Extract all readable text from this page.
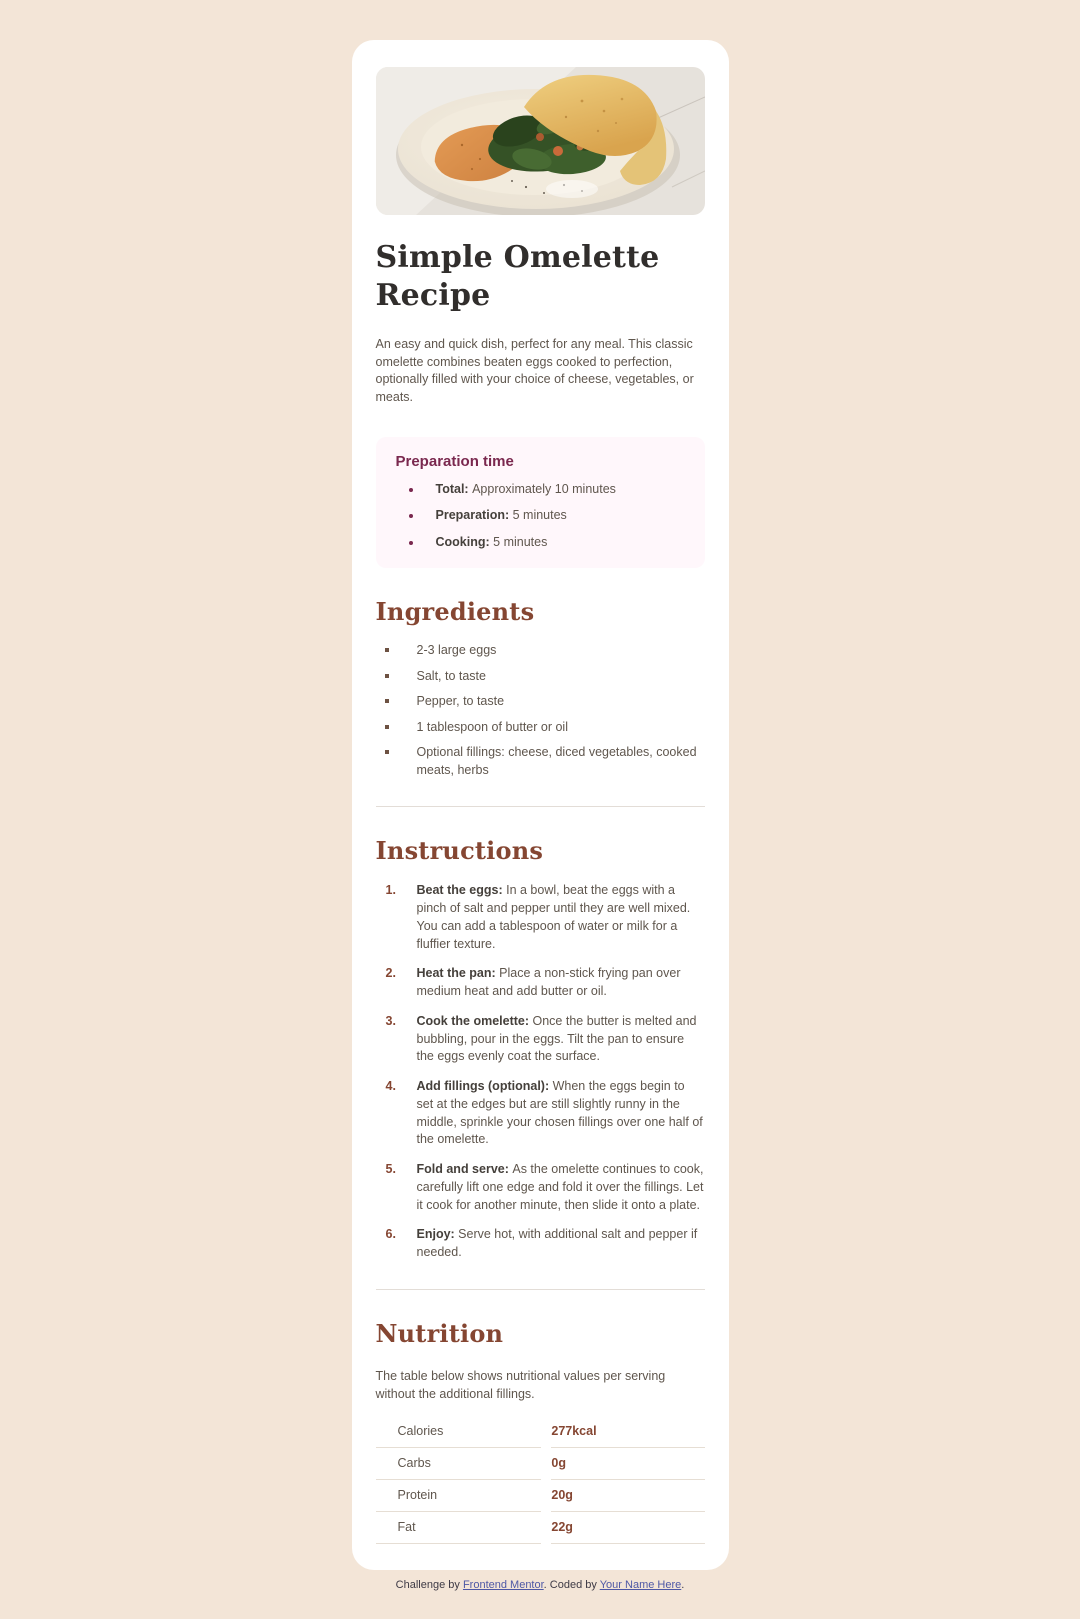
Simple Omelette Recipe

An easy and quick dish, perfect for any meal. This classic omelette combines beaten eggs cooked to perfection, optionally filled with your choice of cheese, vegetables, or meats.

Preparation time
Total: Approximately 10 minutes
Preparation: 5 minutes
Cooking: 5 minutes
Ingredients
2-3 large eggs
Salt, to taste
Pepper, to taste
1 tablespoon of butter or oil
Optional fillings: cheese, diced vegetables, cooked meats, herbs
Instructions
1. Beat the eggs: In a bowl, beat the eggs with a pinch of salt and pepper until they are well mixed. You can add a tablespoon of water or milk for a fluffier texture.
2. Heat the pan: Place a non-stick frying pan over medium heat and add butter or oil.
3. Cook the omelette: Once the butter is melted and bubbling, pour in the eggs. Tilt the pan to ensure the eggs evenly coat the surface.
4. Add fillings (optional): When the eggs begin to set at the edges but are still slightly runny in the middle, sprinkle your chosen fillings over one half of the omelette.
5. Fold and serve: As the omelette continues to cook, carefully lift one edge and fold it over the fillings. Let it cook for another minute, then slide it onto a plate.
6. Enjoy: Serve hot, with additional salt and pepper if needed.
Nutrition

The table below shows nutritional values per serving without the additional fillings.

Calories	277kcal
Carbs	0g
Protein	20g
Fat	22g
Challenge by Frontend Mentor. Coded by Your Name Here.
